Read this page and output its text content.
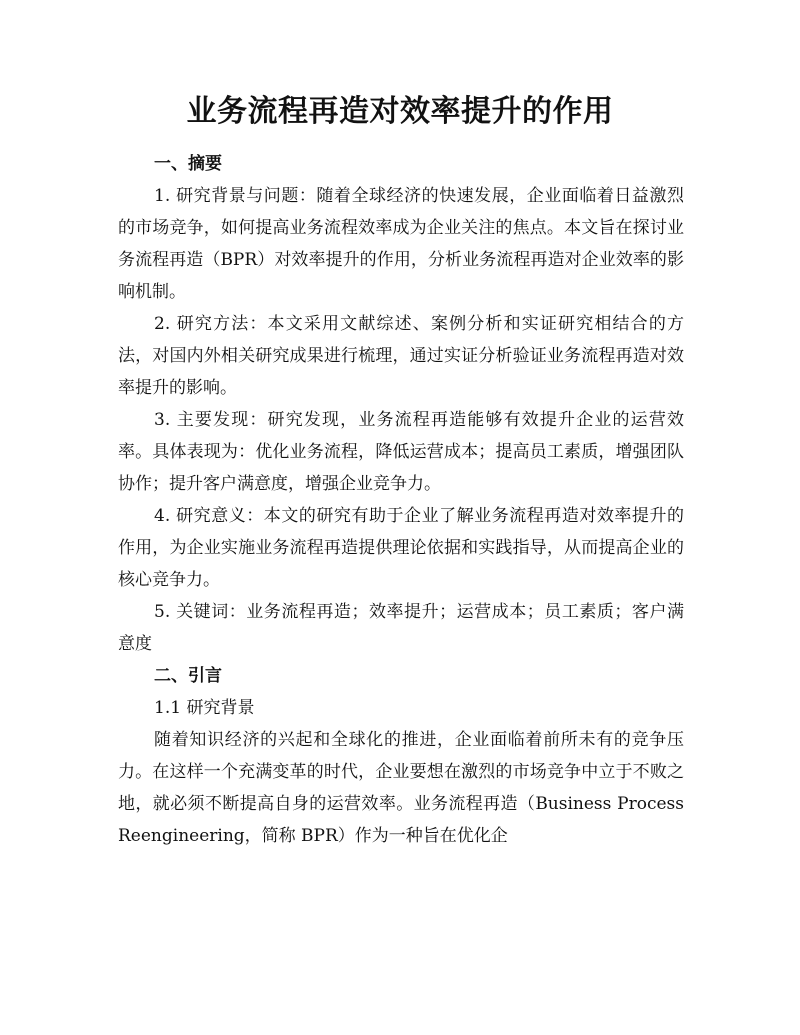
业务流程再造对效率提升的作用
一、摘要

1. 研究背景与问题：随着全球经济的快速发展，企业面临着日益激烈的市场竞争，如何提高业务流程效率成为企业关注的焦点。本文旨在探讨业务流程再造（BPR）对效率提升的作用，分析业务流程再造对企业效率的影响机制。

2. 研究方法：本文采用文献综述、案例分析和实证研究相结合的方法，对国内外相关研究成果进行梳理，通过实证分析验证业务流程再造对效率提升的影响。

3. 主要发现：研究发现，业务流程再造能够有效提升企业的运营效率。具体表现为：优化业务流程，降低运营成本；提高员工素质，增强团队协作；提升客户满意度，增强企业竞争力。

4. 研究意义：本文的研究有助于企业了解业务流程再造对效率提升的作用，为企业实施业务流程再造提供理论依据和实践指导，从而提高企业的核心竞争力。

5. 关键词：业务流程再造；效率提升；运营成本；员工素质；客户满意度

二、引言
1.1 研究背景

随着知识经济的兴起和全球化的推进，企业面临着前所未有的竞争压力。在这样一个充满变革的时代，企业要想在激烈的市场竞争中立于不败之地，就必须不断提高自身的运营效率。业务流程再造（Business Process Reengineering，简称 BPR）作为一种旨在优化企
